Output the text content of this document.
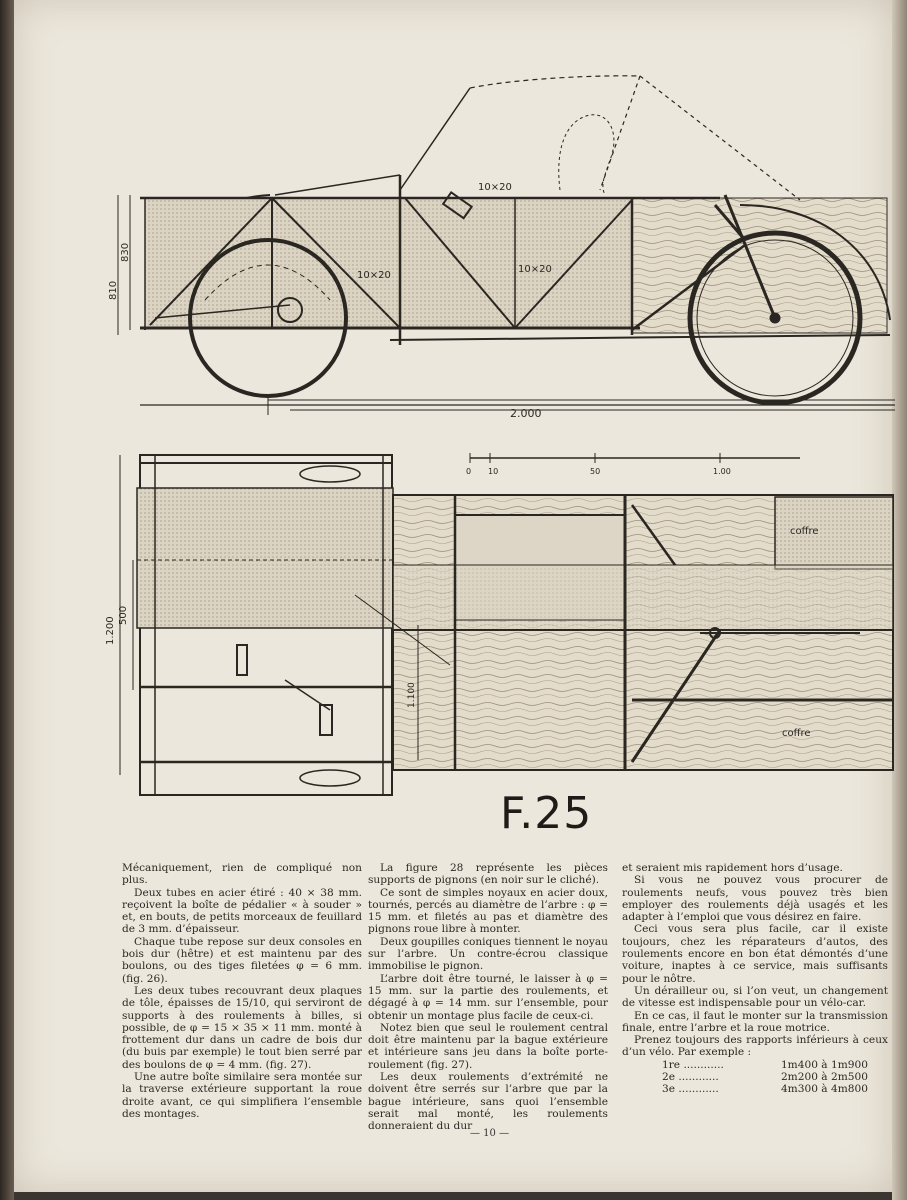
10×20
10×20
10×20
830
810
2.000
0 10	50	1.00
1.200
500
1.100
coffre
coffre
F.25

Mécaniquement, rien de compliqué non plus.

Deux tubes en acier étiré : 40 × 38 mm. reçoivent la boîte de pédalier « à souder » et, en bouts, de petits morceaux de feuillard de 3 mm. d’épaisseur.

Chaque tube repose sur deux consoles en bois dur (hêtre) et est maintenu par des boulons, ou des tiges filetées φ = 6 mm. (fig. 26).

Les deux tubes recouvrant deux plaques de tôle, épaisses de 15/10, qui serviront de supports à des roulements à billes, si possible, de φ = 15 × 35 × 11 mm. monté à frottement dur dans un cadre de bois dur (du buis par exemple) le tout bien serré par des boulons de φ = 4 mm. (fig. 27).

Une autre boîte similaire sera montée sur la traverse extérieure supportant la roue droite avant, ce qui simplifiera l’ensemble des montages.

La figure 28 représente les pièces supports de pignons (en noir sur le cliché).

Ce sont de simples noyaux en acier doux, tournés, percés au diamètre de l’arbre : φ = 15 mm. et filetés au pas et diamètre des pignons roue libre à monter.

Deux goupilles coniques tiennent le noyau sur l’arbre. Un contre-écrou classique immobilise le pignon.

L’arbre doit être tourné, le laisser à φ = 15 mm. sur la partie des roulements, et dégagé à φ = 14 mm. sur l’ensemble, pour obtenir un montage plus facile de ceux-ci.

Notez bien que seul le roulement central doit être maintenu par la bague extérieure et intérieure sans jeu dans la boîte porte-roulement (fig. 27).

Les deux roulements d’extrémité ne doivent être serrés sur l’arbre que par la bague intérieure, sans quoi l’ensemble serait mal monté, les roulements donneraient du dur

et seraient mis rapidement hors d’usage.

Si vous ne pouvez vous procurer de roulements neufs, vous pouvez très bien employer des roulements déjà usagés et les adapter à l’emploi que vous désirez en faire.

Ceci vous sera plus facile, car il existe toujours, chez les réparateurs d’autos, des roulements encore en bon état démontés d’une voiture, inaptes à ce service, mais suffisants pour le nôtre.

Un dérailleur ou, si l’on veut, un changement de vitesse est indispensable pour un vélo-car.

En ce cas, il faut le monter sur la transmission finale, entre l’arbre et la roue motrice.

Prenez toujours des rapports inférieurs à ceux d’un vélo. Par exemple :

1re ............	1m400 à 1m900
2e ............	2m200 à 2m500
3e ............	4m300 à 4m800
— 10 —
